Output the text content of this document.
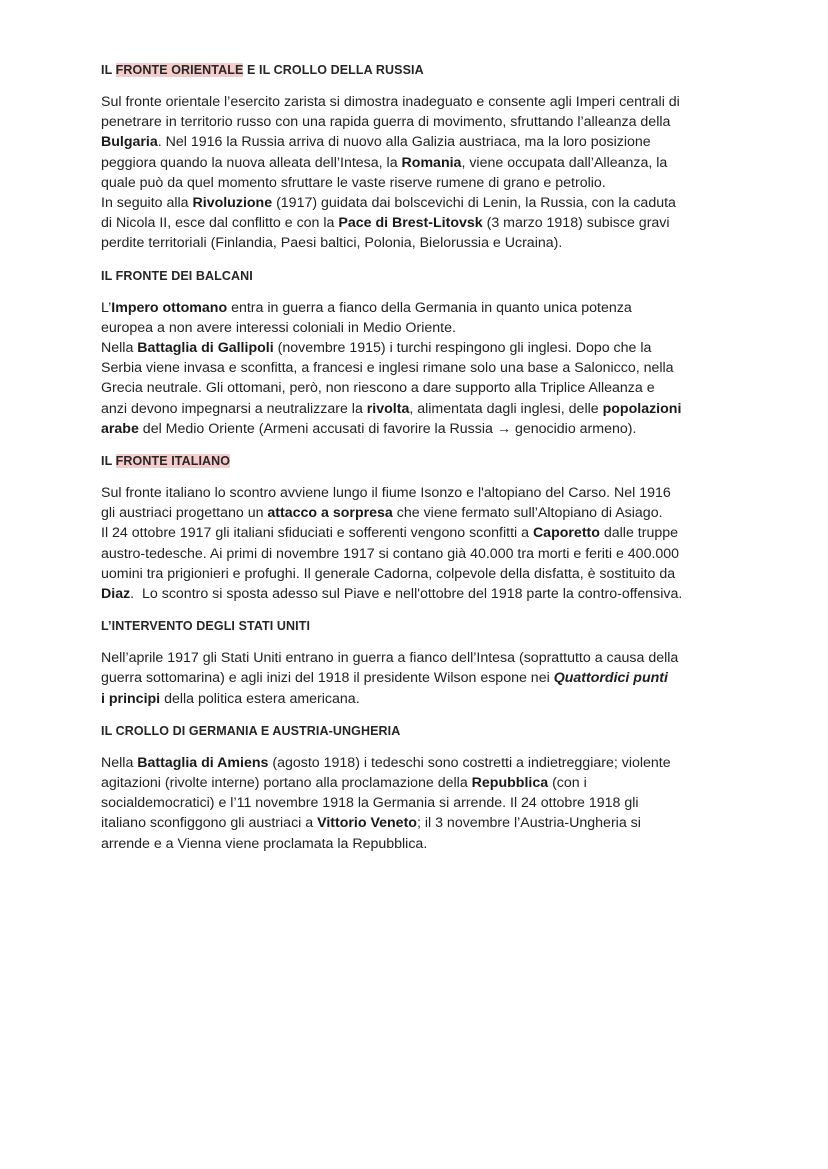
IL FRONTE ORIENTALE E IL CROLLO DELLA RUSSIA
Sul fronte orientale l’esercito zarista si dimostra inadeguato e consente agli Imperi centrali di
penetrare in territorio russo con una rapida guerra di movimento, sfruttando l’alleanza della
Bulgaria. Nel 1916 la Russia arriva di nuovo alla Galizia austriaca, ma la loro posizione
peggiora quando la nuova alleata dell’Intesa, la Romania, viene occupata dall’Alleanza, la
quale può da quel momento sfruttare le vaste riserve rumene di grano e petrolio.
In seguito alla Rivoluzione (1917) guidata dai bolscevichi di Lenin, la Russia, con la caduta
di Nicola II, esce dal conflitto e con la Pace di Brest-Litovsk (3 marzo 1918) subisce gravi
perdite territoriali (Finlandia, Paesi baltici, Polonia, Bielorussia e Ucraina).
IL FRONTE DEI BALCANI
L’Impero ottomano entra in guerra a fianco della Germania in quanto unica potenza
europea a non avere interessi coloniali in Medio Oriente.
Nella Battaglia di Gallipoli (novembre 1915) i turchi respingono gli inglesi. Dopo che la
Serbia viene invasa e sconfitta, a francesi e inglesi rimane solo una base a Salonicco, nella
Grecia neutrale. Gli ottomani, però, non riescono a dare supporto alla Triplice Alleanza e
anzi devono impegnarsi a neutralizzare la rivolta, alimentata dagli inglesi, delle popolazioni
arabe del Medio Oriente (Armeni accusati di favorire la Russia → genocidio armeno).
IL FRONTE ITALIANO
Sul fronte italiano lo scontro avviene lungo il fiume Isonzo e l'altopiano del Carso. Nel 1916
gli austriaci progettano un attacco a sorpresa che viene fermato sull’Altopiano di Asiago.
Il 24 ottobre 1917 gli italiani sfiduciati e sofferenti vengono sconfitti a Caporetto dalle truppe
austro-tedesche. Ai primi di novembre 1917 si contano già 40.000 tra morti e feriti e 400.000
uomini tra prigionieri e profughi. Il generale Cadorna, colpevole della disfatta, è sostituito da
Diaz.  Lo scontro si sposta adesso sul Piave e nell'ottobre del 1918 parte la contro-offensiva.
L’INTERVENTO DEGLI STATI UNITI
Nell’aprile 1917 gli Stati Uniti entrano in guerra a fianco dell’Intesa (soprattutto a causa della
guerra sottomarina) e agli inizi del 1918 il presidente Wilson espone nei Quattordici punti
i principi della politica estera americana.
IL CROLLO DI GERMANIA E AUSTRIA-UNGHERIA
Nella Battaglia di Amiens (agosto 1918) i tedeschi sono costretti a indietreggiare; violente
agitazioni (rivolte interne) portano alla proclamazione della Repubblica (con i
socialdemocratici) e l’11 novembre 1918 la Germania si arrende. Il 24 ottobre 1918 gli
italiano sconfiggono gli austriaci a Vittorio Veneto; il 3 novembre l’Austria-Ungheria si
arrende e a Vienna viene proclamata la Repubblica.
